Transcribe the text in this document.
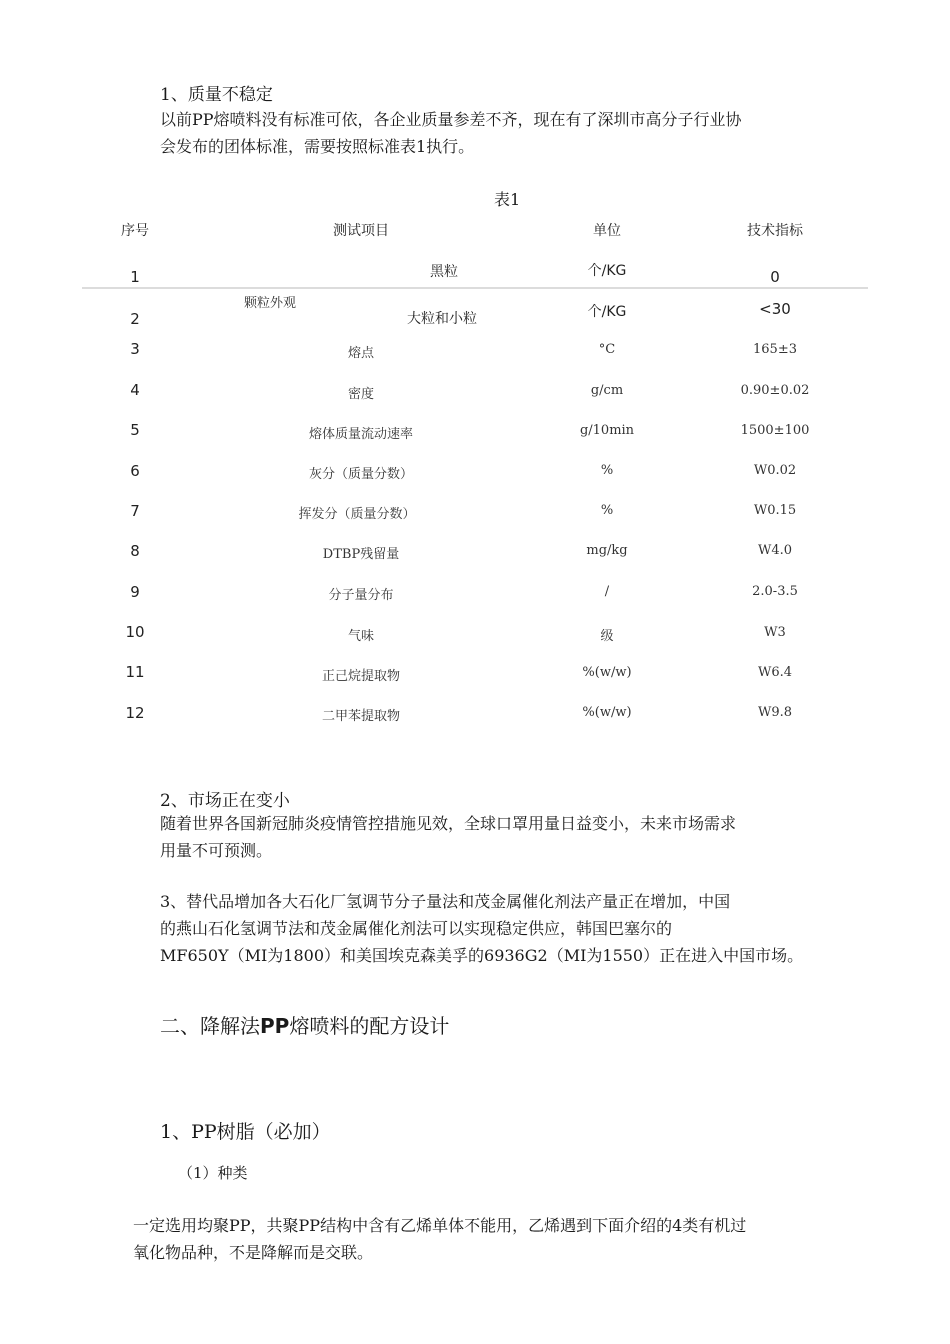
1、质量不稳定
以前PP熔喷料没有标准可依，各企业质量参差不齐，现在有了深圳市高分子行业协
会发布的团体标准，需要按照标准表1执行。
表1
序号	测试项目	单位	技术指标
1	黑粒	个/KG	0
颗粒外观
2	大粒和小粒	个/KG	<30
3	熔点	°C	165±3
4	密度	g/cm	0.90±0.02
5	熔体质量流动速率	g/10min	1500±100
6	灰分（质量分数）	%	W0.02
7	挥发分（质量分数）	%	W0.15
8	DTBP残留量	mg/kg	W4.0
9	分子量分布	/	2.0-3.5
10	气味	级	W3
11	正己烷提取物	%(w/w)	W6.4
12	二甲苯提取物	%(w/w)	W9.8
2、市场正在变小
随着世界各国新冠肺炎疫情管控措施见效，全球口罩用量日益变小，未来市场需求
用量不可预测。
3、替代品增加各大石化厂氢调节分子量法和茂金属催化剂法产量正在增加，中国
的燕山石化氢调节法和茂金属催化剂法可以实现稳定供应，韩国巴塞尔的
MF650Y（MI为1800）和美国埃克森美孚的6936G2（MI为1550）正在进入中国市场。
二、降解法PP熔喷料的配方设计
1、PP树脂（必加）
（1）种类
一定选用均聚PP，共聚PP结构中含有乙烯单体不能用，乙烯遇到下面介绍的4类有机过
氧化物品种，不是降解而是交联。
